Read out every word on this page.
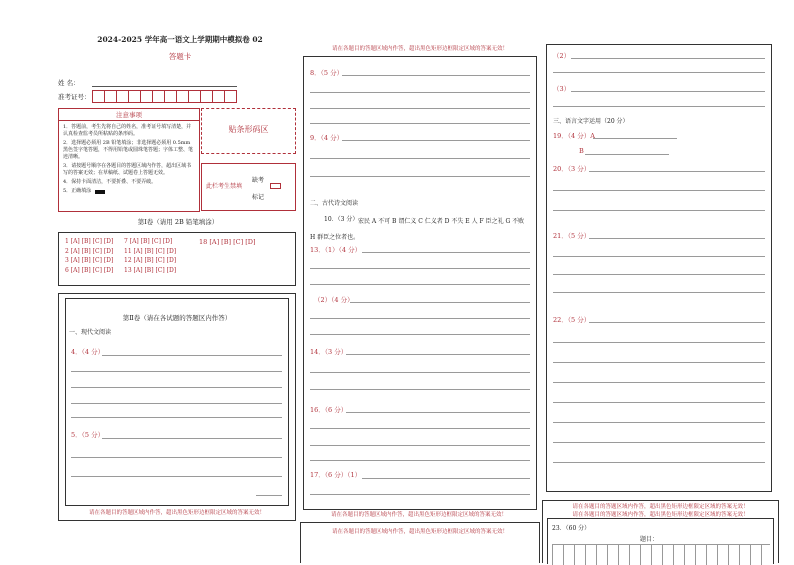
2024-2025 学年高一语文上学期期中模拟卷 02
答题卡
姓 名：
准考证号：
注意事项
1．答题前，考生先将自己的姓名，准考证号填写清楚，并认真检查监考员所粘贴的条形码。
2．选择题必须用 2B 铅笔填涂；非选择题必须用 0.5mm 黑色签字笔答题，不得用铅笔或圆珠笔答题；字体工整、笔迹清晰。
3．请按题号顺序在各题目的答题区域内作答，超出区域书写的答案无效；在草稿纸、试题卷上答题无效。
4．保持卡面清洁，不要折叠、不要弄破。
5．正确填涂
贴条形码区
此栏考生禁填
缺考
标记
第Ⅰ卷（请用 2B 铅笔填涂）
1 [A] [B] [C] [D]
2 [A] [B] [C] [D]
3 [A] [B] [C] [D]
6 [A] [B] [C] [D]
7 [A] [B] [C] [D]
11 [A] [B] [C] [D]
12 [A] [B] [C] [D]
13 [A] [B] [C] [D]
18 [A] [B] [C] [D]
第Ⅱ卷（请在各试题的答题区内作答）
一、现代文阅读
4．（4 分）
5．（5 分）
请在各题目的答题区域内作答，超出黑色矩形边框限定区域的答案无效！
请在各题目的答题区域内作答，超出黑色矩形边框限定区域的答案无效！
8．（5 分）
9．（4 分）
二、古代诗文阅读
10．（3 分） 宏民 A 不可 B 谓仁义 C 仁义者 D 不失 E 人 F 臣之礼 G 不败 H 群臣之位者也。
13．（1）（4 分）
（2）（4 分）
14．（3 分）
16．（6 分）
17．（6 分）（1）
请在各题目的答题区域内作答，超出黑色矩形边框限定区域的答案无效！
请在各题目的答题区域内作答，超出黑色矩形边框限定区域的答案无效！
（2）
（3）
三、语言文字运用（20 分）
19．（4 分）A
B
20．（3 分）
21．（5 分）
22．（5 分）
请在各题目的答题区域内作答，超出黑色矩形边框限定区域的答案无效！
请在各题目的答题区域内作答，超出黑色矩形边框限定区域的答案无效！
23．（60 分）
题目：
